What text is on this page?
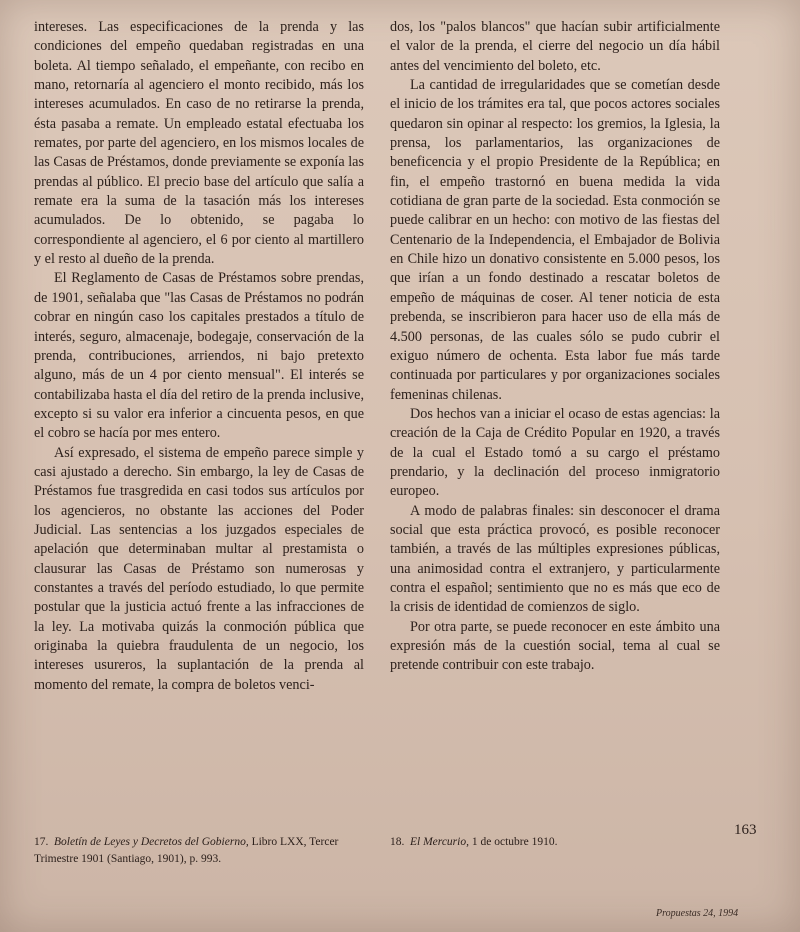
intereses. Las especificaciones de la prenda y las condiciones del empeño quedaban registradas en una boleta. Al tiempo señalado, el empeñante, con recibo en mano, retornaría al agenciero el monto recibido, más los intereses acumulados. En caso de no retirarse la prenda, ésta pasaba a remate. Un empleado estatal efectuaba los remates, por parte del agenciero, en los mismos locales de las Casas de Préstamos, donde previamente se exponía las prendas al público. El precio base del artículo que salía a remate era la suma de la tasación más los intereses acumulados. De lo obtenido, se pagaba lo correspondiente al agenciero, el 6 por ciento al martillero y el resto al dueño de la prenda.

El Reglamento de Casas de Préstamos sobre prendas, de 1901, señalaba que "las Casas de Préstamos no podrán cobrar en ningún caso los capitales prestados a título de interés, seguro, almacenaje, bodegaje, conservación de la prenda, contribuciones, arriendos, ni bajo pretexto alguno, más de un 4 por ciento mensual". El interés se contabilizaba hasta el día del retiro de la prenda inclusive, excepto si su valor era inferior a cincuenta pesos, en que el cobro se hacía por mes entero.

Así expresado, el sistema de empeño parece simple y casi ajustado a derecho. Sin embargo, la ley de Casas de Préstamos fue trasgredida en casi todos sus artículos por los agencieros, no obstante las acciones del Poder Judicial. Las sentencias a los juzgados especiales de apelación que determinaban multar al prestamista o clausurar las Casas de Préstamo son numerosas y constantes a través del período estudiado, lo que permite postular que la justicia actuó frente a las infracciones de la ley. La motivaba quizás la conmoción pública que originaba la quiebra fraudulenta de un negocio, los intereses usureros, la suplantación de la prenda al momento del remate, la compra de boletos venci-

dos, los "palos blancos" que hacían subir artificialmente el valor de la prenda, el cierre del negocio un día hábil antes del vencimiento del boleto, etc.

La cantidad de irregularidades que se cometían desde el inicio de los trámites era tal, que pocos actores sociales quedaron sin opinar al respecto: los gremios, la Iglesia, la prensa, los parlamentarios, las organizaciones de beneficencia y el propio Presidente de la República; en fin, el empeño trastornó en buena medida la vida cotidiana de gran parte de la sociedad. Esta conmoción se puede calibrar en un hecho: con motivo de las fiestas del Centenario de la Independencia, el Embajador de Bolivia en Chile hizo un donativo consistente en 5.000 pesos, los que irían a un fondo destinado a rescatar boletos de empeño de máquinas de coser. Al tener noticia de esta prebenda, se inscribieron para hacer uso de ella más de 4.500 personas, de las cuales sólo se pudo cubrir el exiguo número de ochenta. Esta labor fue más tarde continuada por particulares y por organizaciones sociales femeninas chilenas.

Dos hechos van a iniciar el ocaso de estas agencias: la creación de la Caja de Crédito Popular en 1920, a través de la cual el Estado tomó a su cargo el préstamo prendario, y la declinación del proceso inmigratorio europeo.

A modo de palabras finales: sin desconocer el drama social que esta práctica provocó, es posible reconocer también, a través de las múltiples expresiones públicas, una animosidad contra el extranjero, y particularmente contra el español; sentimiento que no es más que eco de la crisis de identidad de comienzos de siglo.

Por otra parte, se puede reconocer en este ámbito una expresión más de la cuestión social, tema al cual se pretende contribuir con este trabajo.

163
17. Boletín de Leyes y Decretos del Gobierno, Libro LXX, Tercer Trimestre 1901 (Santiago, 1901), p. 993.
18. El Mercurio, 1 de octubre 1910.
Propuestas 24, 1994
